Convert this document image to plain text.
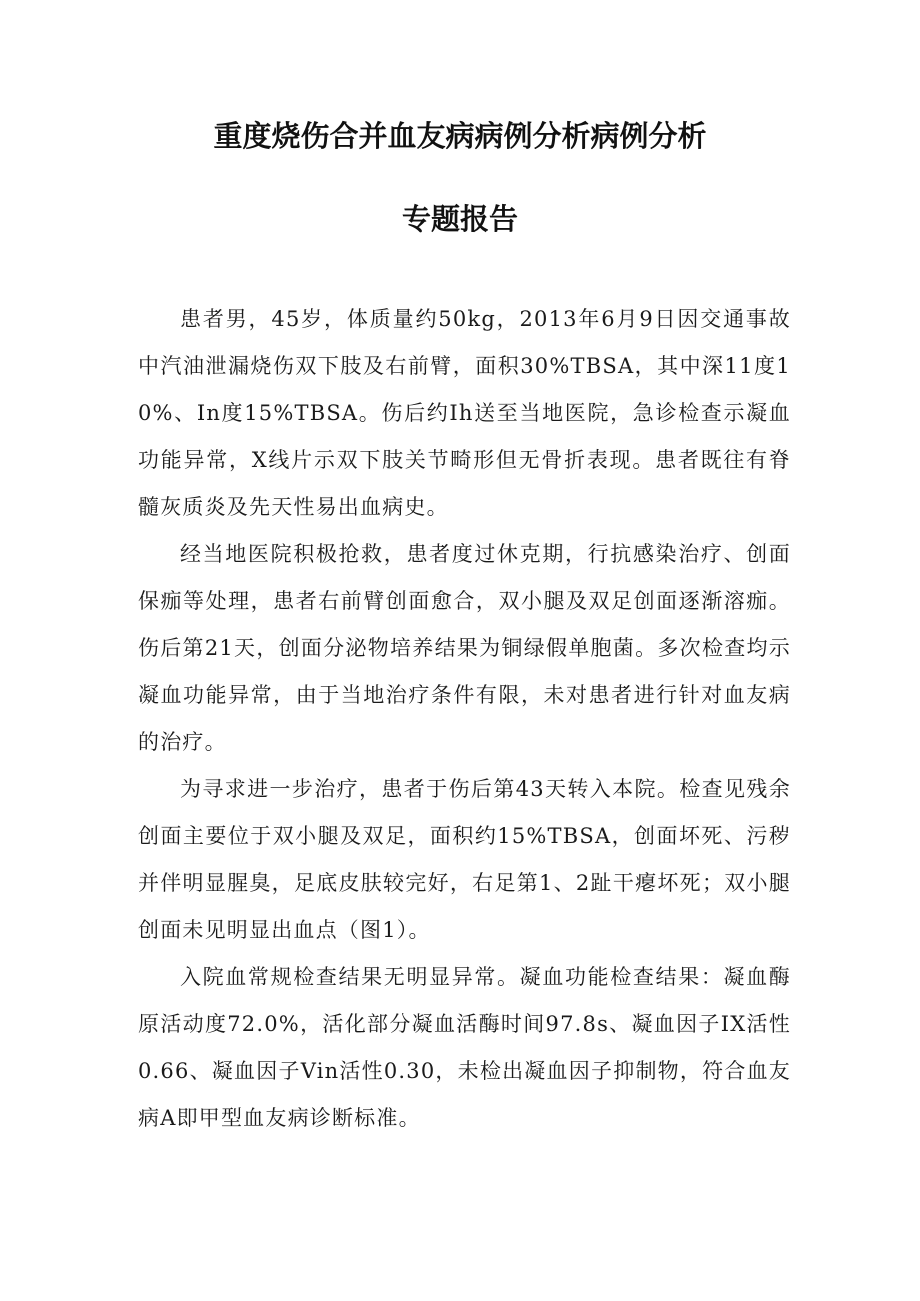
重度烧伤合并血友病病例分析病例分析
专题报告

患者男，45岁，体质量约50kg，2013年6月9日因交通事故中汽油泄漏烧伤双下肢及右前臂，面积30%TBSA，其中深11度10%、In度15%TBSA。伤后约Ih送至当地医院，急诊检查示凝血功能异常，X线片示双下肢关节畸形但无骨折表现。患者既往有脊髓灰质炎及先天性易出血病史。

经当地医院积极抢救，患者度过休克期，行抗感染治疗、创面保痂等处理，患者右前臂创面愈合，双小腿及双足创面逐渐溶痂。伤后第21天，创面分泌物培养结果为铜绿假单胞菌。多次检查均示凝血功能异常，由于当地治疗条件有限，未对患者进行针对血友病的治疗。

为寻求进一步治疗，患者于伤后第43天转入本院。检查见残余创面主要位于双小腿及双足，面积约15%TBSA，创面坏死、污秽并伴明显腥臭，足底皮肤较完好，右足第1、2趾干瘪坏死；双小腿创面未见明显出血点（图1）。

入院血常规检查结果无明显异常。凝血功能检查结果：凝血酶原活动度72.0%，活化部分凝血活酶时间97.8s、凝血因子IX活性0.66、凝血因子Vin活性0.30，未检出凝血因子抑制物，符合血友病A即甲型血友病诊断标准。
